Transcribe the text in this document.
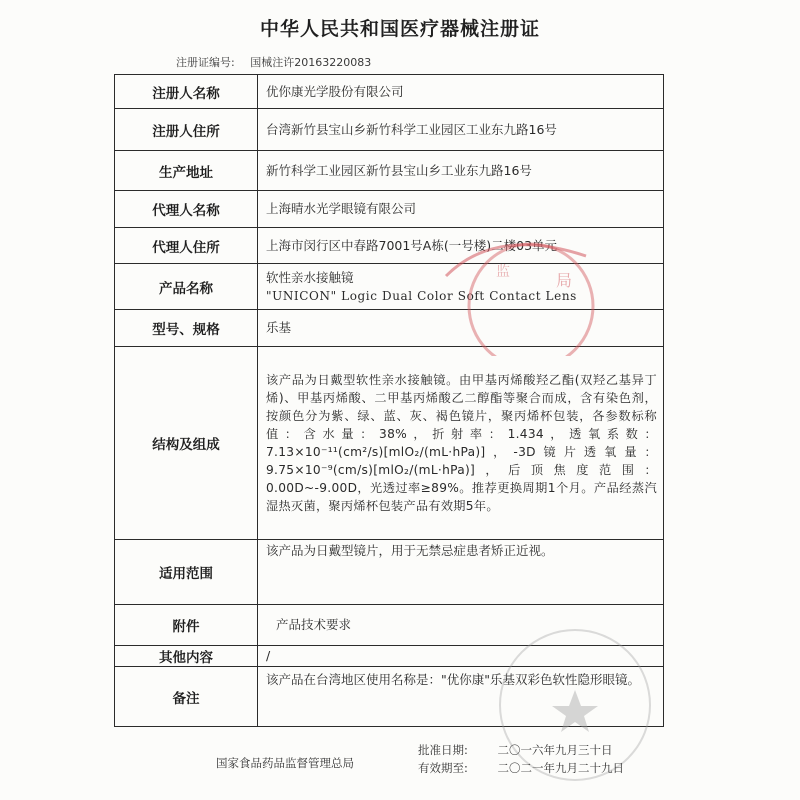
中华人民共和国医疗器械注册证
注册证编号: 国械注许20163220083
注册人名称	优你康光学股份有限公司
注册人住所	台湾新竹县宝山乡新竹科学工业园区工业东九路16号
生产地址	新竹科学工业园区新竹县宝山乡工业东九路16号
代理人名称	上海晴水光学眼镜有限公司
代理人住所	上海市闵行区中春路7001号A栋(一号楼)二楼03单元
产品名称	软性亲水接触镜
"UNICON" Logic Dual Color Soft Contact Lens

型号、规格	乐基
结构及组成	该产品为日戴型软性亲水接触镜。由甲基丙烯酸羟乙酯(双羟乙基异丁烯)、甲基丙烯酸、二甲基丙烯酸乙二醇酯等聚合而成，含有染色剂，按颜色分为紫、绿、蓝、灰、褐色镜片，聚丙烯杯包装，各参数标称值：含水量：38%，折射率：1.434，透氧系数：7.13×10⁻¹¹(cm²/s)[mlO₂/(mL·hPa)]，-3D镜片透氧量：9.75×10⁻⁹(cm/s)[mlO₂/(mL·hPa)]，后顶焦度范围：0.00D~-9.00D，光透过率≥89%。推荐更换周期1个月。产品经蒸汽湿热灭菌，聚丙烯杯包装产品有效期5年。
适用范围	该产品为日戴型镜片，用于无禁忌症患者矫正近视。
附件	产品技术要求
其他内容	/
备注	该产品在台湾地区使用名称是："优你康"乐基双彩色软性隐形眼镜。
局
监
国家食品药品监督管理总局
批准日期:	二〇一六年九月三十日
有效期至:	二〇二一年九月二十九日
